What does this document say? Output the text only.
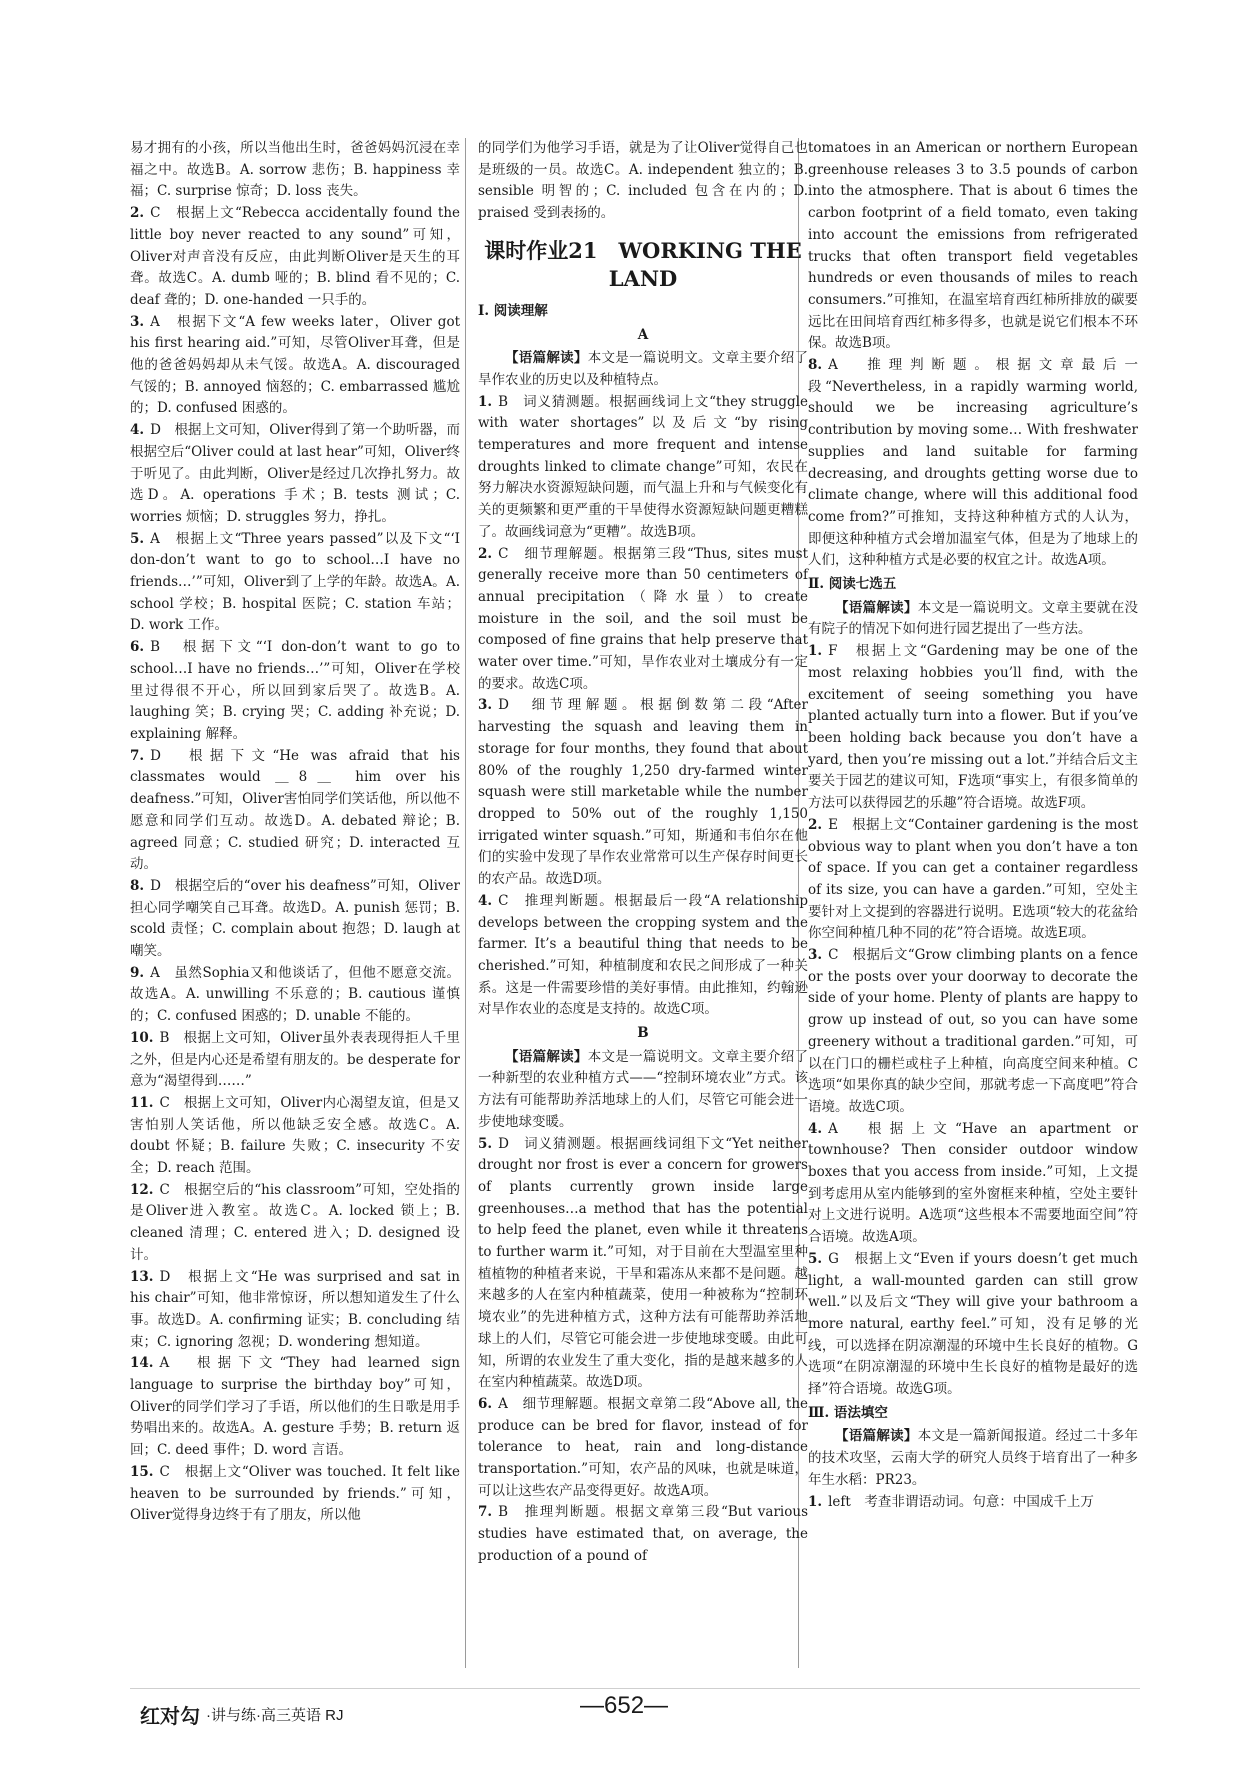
易才拥有的小孩，所以当他出生时，爸爸妈妈沉浸在幸福之中。故选B。A. sorrow 悲伤；B. happiness 幸福；C. surprise 惊奇；D. loss 丧失。

2. C　根据上文“Rebecca accidentally found the little boy never reacted to any sound”可知，Oliver对声音没有反应，由此判断Oliver是天生的耳聋。故选C。A. dumb 哑的；B. blind 看不见的；C. deaf 聋的；D. one-handed 一只手的。

3. A　根据下文“A few weeks later，Oliver got his first hearing aid.”可知，尽管Oliver耳聋，但是他的爸爸妈妈却从未气馁。故选A。A. discouraged 气馁的；B. annoyed 恼怒的；C. embarrassed 尴尬的；D. confused 困惑的。

4. D　根据上文可知，Oliver得到了第一个助听器，而根据空后“Oliver could at last hear”可知，Oliver终于听见了。由此判断，Oliver是经过几次挣扎努力。故选D。A. operations 手术；B. tests 测试；C. worries 烦恼；D. struggles 努力，挣扎。

5. A　根据上文“Three years passed”以及下文“‘I don-don’t want to go to school…I have no friends…’”可知，Oliver到了上学的年龄。故选A。A. school 学校；B. hospital 医院；C. station 车站；D. work 工作。

6. B　根据下文“‘I don-don’t want to go to school…I have no friends…’”可知，Oliver在学校里过得很不开心，所以回到家后哭了。故选B。A. laughing 笑；B. crying 哭；C. adding 补充说；D. explaining 解释。

7. D　根据下文“He was afraid that his classmates would ＿8＿ him over his deafness.”可知，Oliver害怕同学们笑话他，所以他不愿意和同学们互动。故选D。A. debated 辩论；B. agreed 同意；C. studied 研究；D. interacted 互动。

8. D　根据空后的“over his deafness”可知，Oliver担心同学嘲笑自己耳聋。故选D。A. punish 惩罚；B. scold 责怪；C. complain about 抱怨；D. laugh at 嘲笑。

9. A　虽然Sophia又和他谈话了，但他不愿意交流。故选A。A. unwilling 不乐意的；B. cautious 谨慎的；C. confused 困惑的；D. unable 不能的。

10. B　根据上文可知，Oliver虽外表表现得拒人千里之外，但是内心还是希望有朋友的。be desperate for 意为“渴望得到……”

11. C　根据上文可知，Oliver内心渴望友谊，但是又害怕别人笑话他，所以他缺乏安全感。故选C。A. doubt 怀疑；B. failure 失败；C. insecurity 不安全；D. reach 范围。

12. C　根据空后的“his classroom”可知，空处指的是Oliver进入教室。故选C。A. locked 锁上；B. cleaned 清理；C. entered 进入；D. designed 设计。

13. D　根据上文“He was surprised and sat in his chair”可知，他非常惊讶，所以想知道发生了什么事。故选D。A. confirming 证实；B. concluding 结束；C. ignoring 忽视；D. wondering 想知道。

14. A　根据下文“They had learned sign language to surprise the birthday boy”可知，Oliver的同学们学习了手语，所以他们的生日歌是用手势唱出来的。故选A。A. gesture 手势；B. return 返回；C. deed 事件；D. word 言语。

15. C　根据上文“Oliver was touched. It felt like heaven to be surrounded by friends.”可知，Oliver觉得身边终于有了朋友，所以他

的同学们为他学习手语，就是为了让Oliver觉得自己也是班级的一员。故选C。A. independent 独立的；B. sensible 明智的；C. included 包含在内的；D. praised 受到表扬的。

课时作业21　WORKING THE LAND

Ⅰ. 阅读理解

A

【语篇解读】本文是一篇说明文。文章主要介绍了旱作农业的历史以及种植特点。

1. B　词义猜测题。根据画线词上文“they struggle with water shortages”以及后文“by rising temperatures and more frequent and intense droughts linked to climate change”可知，农民在努力解决水资源短缺问题，而气温上升和与气候变化有关的更频繁和更严重的干旱使得水资源短缺问题更糟糕了。故画线词意为“更糟”。故选B项。

2. C　细节理解题。根据第三段“Thus, sites must generally receive more than 50 centimeters of annual precipitation（降水量）to create moisture in the soil, and the soil must be composed of fine grains that help preserve that water over time.”可知，旱作农业对土壤成分有一定的要求。故选C项。

3. D　细节理解题。根据倒数第二段“After harvesting the squash and leaving them in storage for four months, they found that about 80% of the roughly 1,250 dry-farmed winter squash were still marketable while the number dropped to 50% out of the roughly 1,150 irrigated winter squash.”可知，斯通和韦伯尔在他们的实验中发现了旱作农业常常可以生产保存时间更长的农产品。故选D项。

4. C　推理判断题。根据最后一段“A relationship develops between the cropping system and the farmer. It’s a beautiful thing that needs to be cherished.”可知，种植制度和农民之间形成了一种关系。这是一件需要珍惜的美好事情。由此推知，约翰逊对旱作农业的态度是支持的。故选C项。

B

【语篇解读】本文是一篇说明文。文章主要介绍了一种新型的农业种植方式——“控制环境农业”方式。该方法有可能帮助养活地球上的人们，尽管它可能会进一步使地球变暖。

5. D　词义猜测题。根据画线词组下文“Yet neither drought nor frost is ever a concern for growers of plants currently grown inside large greenhouses…a method that has the potential to help feed the planet, even while it threatens to further warm it.”可知，对于目前在大型温室里种植植物的种植者来说，干旱和霜冻从来都不是问题。越来越多的人在室内种植蔬菜，使用一种被称为“控制环境农业”的先进种植方式，这种方法有可能帮助养活地球上的人们，尽管它可能会进一步使地球变暖。由此可知，所谓的农业发生了重大变化，指的是越来越多的人在室内种植蔬菜。故选D项。

6. A　细节理解题。根据文章第二段“Above all, the produce can be bred for flavor, instead of for tolerance to heat, rain and long-distance transportation.”可知，农产品的风味，也就是味道，可以让这些农产品变得更好。故选A项。

7. B　推理判断题。根据文章第三段“But various studies have estimated that, on average, the production of a pound of

tomatoes in an American or northern European greenhouse releases 3 to 3.5 pounds of carbon into the atmosphere. That is about 6 times the carbon footprint of a field tomato, even taking into account the emissions from refrigerated trucks that often transport field vegetables hundreds or even thousands of miles to reach consumers.”可推知，在温室培育西红柿所排放的碳要远比在田间培育西红柿多得多，也就是说它们根本不环保。故选B项。

8. A　推理判断题。根据文章最后一段“Nevertheless, in a rapidly warming world, should we be increasing agriculture’s contribution by moving some… With freshwater supplies and land suitable for farming decreasing, and droughts getting worse due to climate change, where will this additional food come from?”可推知，支持这种种植方式的人认为，即便这种种植方式会增加温室气体，但是为了地球上的人们，这种种植方式是必要的权宜之计。故选A项。

Ⅱ. 阅读七选五

【语篇解读】本文是一篇说明文。文章主要就在没有院子的情况下如何进行园艺提出了一些方法。

1. F　根据上文“Gardening may be one of the most relaxing hobbies you’ll find, with the excitement of seeing something you have planted actually turn into a flower. But if you’ve been holding back because you don’t have a yard, then you’re missing out a lot.”并结合后文主要关于园艺的建议可知，F选项“事实上，有很多简单的方法可以获得园艺的乐趣”符合语境。故选F项。

2. E　根据上文“Container gardening is the most obvious way to plant when you don’t have a ton of space. If you can get a container regardless of its size, you can have a garden.”可知，空处主要针对上文提到的容器进行说明。E选项“较大的花盆给你空间种植几种不同的花”符合语境。故选E项。

3. C　根据后文“Grow climbing plants on a fence or the posts over your doorway to decorate the side of your home. Plenty of plants are happy to grow up instead of out, so you can have some greenery without a traditional garden.”可知，可以在门口的栅栏或柱子上种植，向高度空间来种植。C选项“如果你真的缺少空间，那就考虑一下高度吧”符合语境。故选C项。

4. A　根据上文“Have an apartment or townhouse? Then consider outdoor window boxes that you access from inside.”可知，上文提到考虑用从室内能够到的室外窗框来种植，空处主要针对上文进行说明。A选项“这些根本不需要地面空间”符合语境。故选A项。

5. G　根据上文“Even if yours doesn’t get much light, a wall-mounted garden can still grow well.”以及后文“They will give your bathroom a more natural, earthy feel.”可知，没有足够的光线，可以选择在阴凉潮湿的环境中生长良好的植物。G选项“在阴凉潮湿的环境中生长良好的植物是最好的选择”符合语境。故选G项。

Ⅲ. 语法填空

【语篇解读】本文是一篇新闻报道。经过二十多年的技术攻坚，云南大学的研究人员终于培育出了一种多年生水稻：PR23。

1. left　考查非谓语动词。句意：中国成千上万

红对勾 ·讲与练·高三英语 RJ	—652—
